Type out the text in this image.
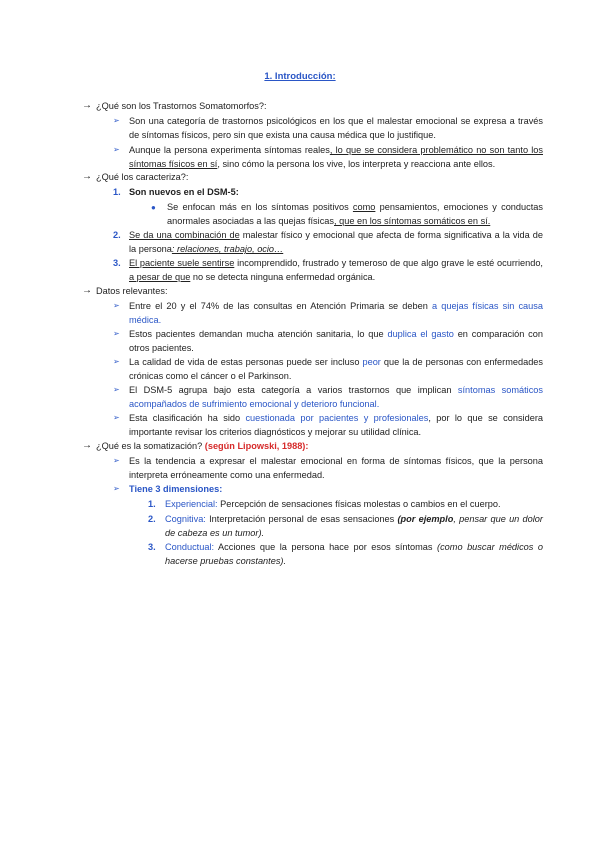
1. Introducción:
→ ¿Qué son los Trastornos Somatomorfos?:
➢ Son una categoría de trastornos psicológicos en los que el malestar emocional se expresa a través de síntomas físicos, pero sin que exista una causa médica que lo justifique.
➢ Aunque la persona experimenta síntomas reales, lo que se considera problemático no son tanto los síntomas físicos en sí, sino cómo la persona los vive, los interpreta y reacciona ante ellos.
→ ¿Qué los caracteriza?:
1. Son nuevos en el DSM-5:
● Se enfocan más en los síntomas positivos como pensamientos, emociones y conductas anormales asociadas a las quejas físicas, que en los síntomas somáticos en sí.
2. Se da una combinación de malestar físico y emocional que afecta de forma significativa a la vida de la persona: relaciones, trabajo, ocio…
3. El paciente suele sentirse incomprendido, frustrado y temeroso de que algo grave le esté ocurriendo, a pesar de que no se detecta ninguna enfermedad orgánica.
→ Datos relevantes:
➢ Entre el 20 y el 74% de las consultas en Atención Primaria se deben a quejas físicas sin causa médica.
➢ Estos pacientes demandan mucha atención sanitaria, lo que duplica el gasto en comparación con otros pacientes.
➢ La calidad de vida de estas personas puede ser incluso peor que la de personas con enfermedades crónicas como el cáncer o el Parkinson.
➢ El DSM-5 agrupa bajo esta categoría a varios trastornos que implican síntomas somáticos acompañados de sufrimiento emocional y deterioro funcional.
➢ Esta clasificación ha sido cuestionada por pacientes y profesionales, por lo que se considera importante revisar los criterios diagnósticos y mejorar su utilidad clínica.
→ ¿Qué es la somatización? (según Lipowski, 1988):
➢ Es la tendencia a expresar el malestar emocional en forma de síntomas físicos, que la persona interpreta erróneamente como una enfermedad.
➢ Tiene 3 dimensiones:
1. Experiencial: Percepción de sensaciones físicas molestas o cambios en el cuerpo.
2. Cognitiva: Interpretación personal de esas sensaciones (por ejemplo, pensar que un dolor de cabeza es un tumor).
3. Conductual: Acciones que la persona hace por esos síntomas (como buscar médicos o hacerse pruebas constantes).
